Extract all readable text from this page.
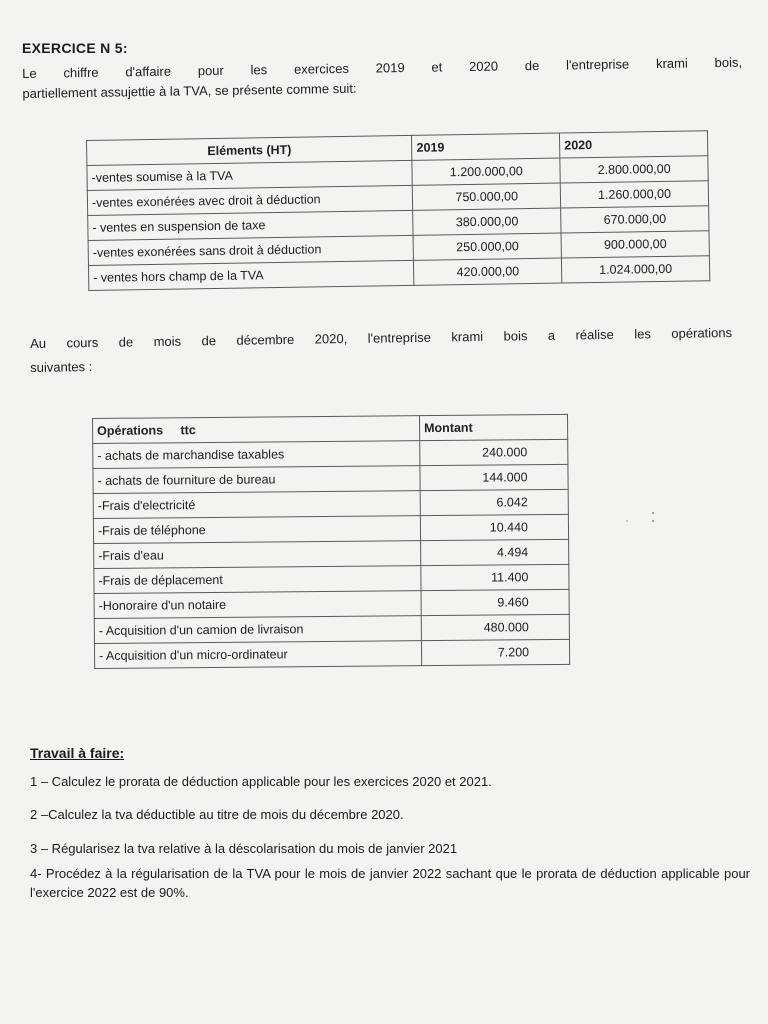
EXERCICE N 5:
Le chiffre d'affaire pour les exercices 2019 et 2020 de l'entreprise krami bois,
partiellement assujettie à la TVA, se présente comme suit:
Eléments (HT)	2019	2020
-ventes soumise à la TVA	1.200.000,00	2.800.000,00
-ventes exonérées avec droit à déduction	750.000,00	1.260.000,00
- ventes en suspension de taxe	380.000,00	670.000,00
-ventes exonérées sans droit à déduction	250.000,00	900.000,00
- ventes hors champ de la TVA	420.000,00	1.024.000,00
Au cours de mois de décembre 2020, l'entreprise krami bois a réalise les opérations
suivantes :
Opérations     ttc	Montant
- achats de marchandise taxables	240.000
- achats de fourniture de bureau	144.000
-Frais d'electricité	6.042
-Frais de téléphone	10.440
-Frais d'eau	4.494
-Frais de déplacement	11.400
-Honoraire d'un notaire	9.460
- Acquisition d'un camion de livraison	480.000
- Acquisition d'un micro-ordinateur	7.200
Travail à faire:
1 – Calculez le prorata de déduction applicable pour les exercices 2020 et 2021.
2 –Calculez la tva déductible au titre de mois du décembre 2020.
3 – Régularisez la tva relative à la déscolarisation du mois de janvier 2021
4- Procédez à la régularisation de la TVA pour le mois de janvier 2022 sachant que le prorata de déduction applicable pour l'exercice 2022 est de 90%.
